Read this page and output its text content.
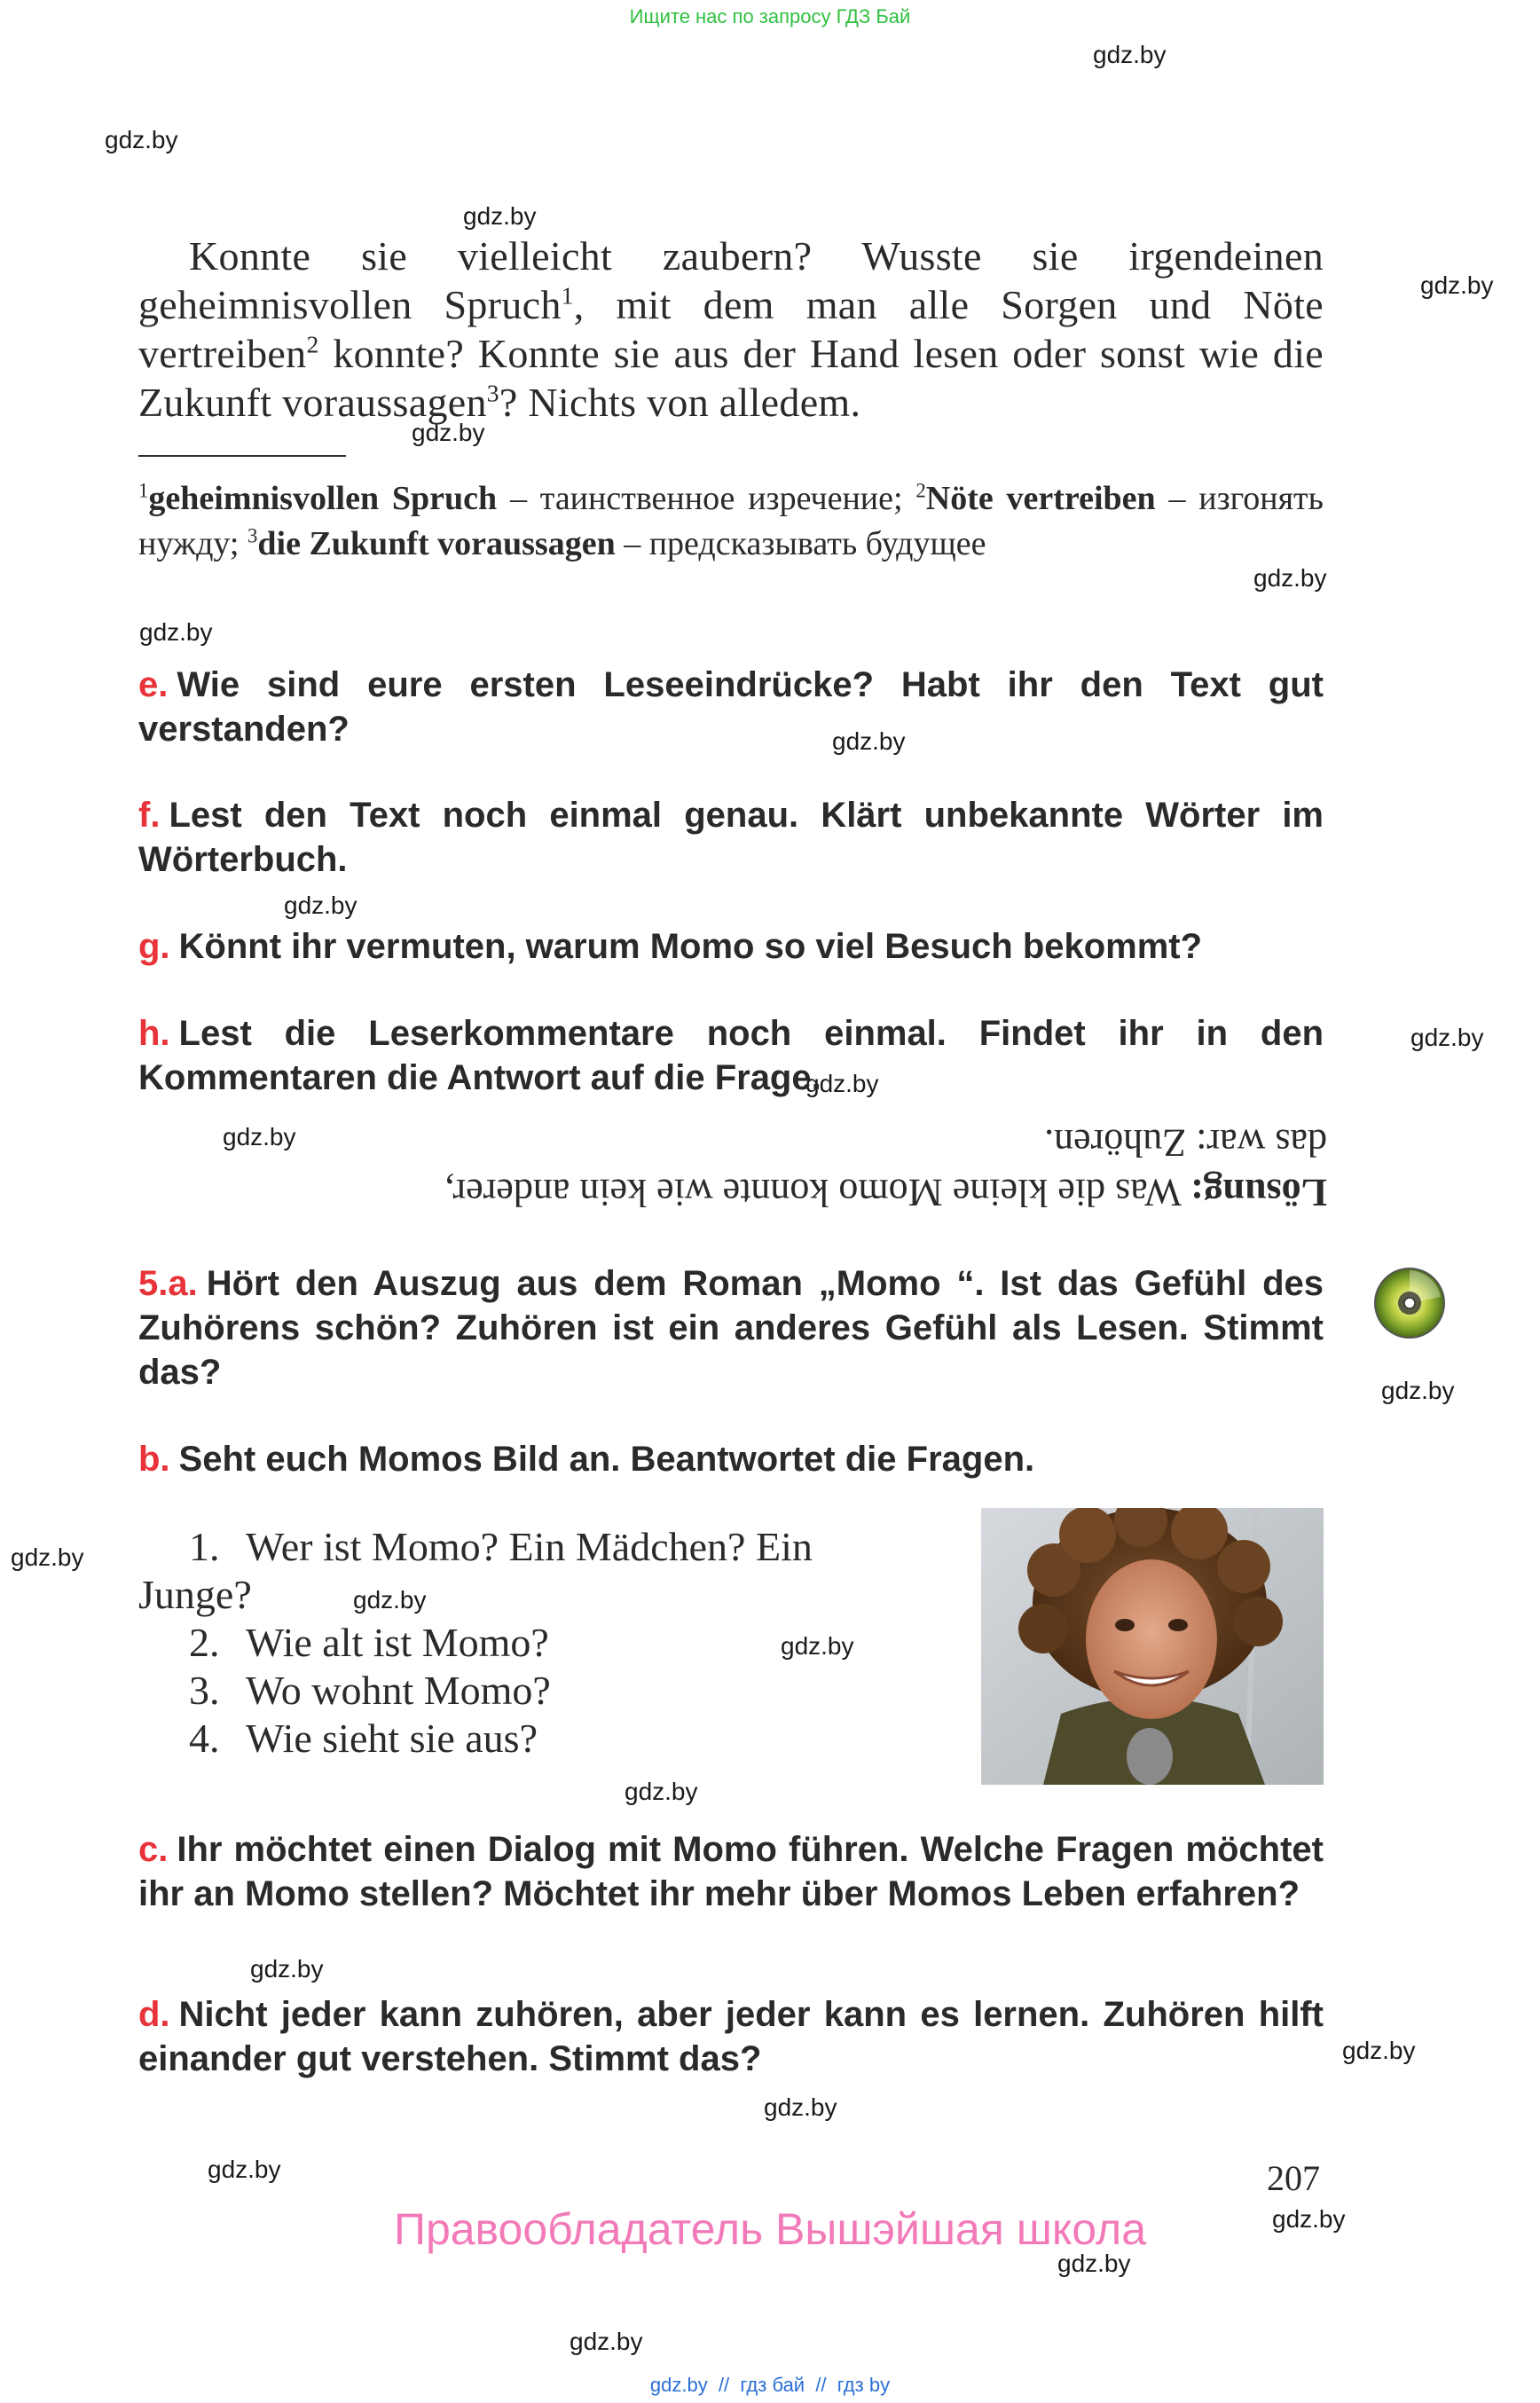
Ищите нас по запросу ГДЗ Бай
gdz.by
gdz.by
gdz.by
gdz.by
gdz.by
gdz.by
gdz.by
gdz.by
gdz.by
gdz.by
gdz.by
gdz.by
gdz.by
gdz.by
gdz.by
gdz.by
gdz.by
gdz.by
gdz.by
gdz.by
gdz.by
gdz.by
gdz.by
gdz.by
Konnte sie vielleicht zaubern? Wusste sie irgendeinen geheimnisvollen Spruch$^1$, mit dem man alle Sorgen und Nöte vertreiben$^2$ konnte? Konnte sie aus der Hand lesen oder sonst wie die Zukunft voraussagen$^3$? Nichts von alledem.
$^1$geheimnisvollen Spruch – таинственное изречение; $^2$Nöte vertreiben – изгонять нужду; $^3$die Zukunft voraussagen – предсказывать будущее
e. Wie sind eure ersten Leseeindrücke? Habt ihr den Text gut verstanden?
f. Lest den Text noch einmal genau. Klärt unbekannte Wörter im Wörterbuch.
g. Könnt ihr vermuten, warum Momo so viel Besuch bekommt?
h. Lest die Leserkommentare noch einmal. Findet ihr in den Kommentaren die Antwort auf die Frage.
Lösung: Was die kleine Momo konnte wie kein anderer, das war: Zuhören.
5.a. Hört den Auszug aus dem Roman „Momo “. Ist das Gefühl des Zuhörens schön? Zuhören ist ein anderes Gefühl als Lesen. Stimmt das?
b. Seht euch Momos Bild an. Beantwortet die Fragen.
1. Wer ist Momo? Ein Mädchen? Ein Junge?
2. Wie alt ist Momo?
3. Wo wohnt Momo?
4. Wie sieht sie aus?
c. Ihr möchtet einen Dialog mit Momo führen. Welche Fragen möchtet ihr an Momo stellen? Möchtet ihr mehr über Momos Leben erfahren?
d. Nicht jeder kann zuhören, aber jeder kann es lernen. Zuhören hilft einander gut verstehen. Stimmt das?
207
Правообладатель Вышэйшая школа
gdz.by  //  гдз бай  //  гдз by
